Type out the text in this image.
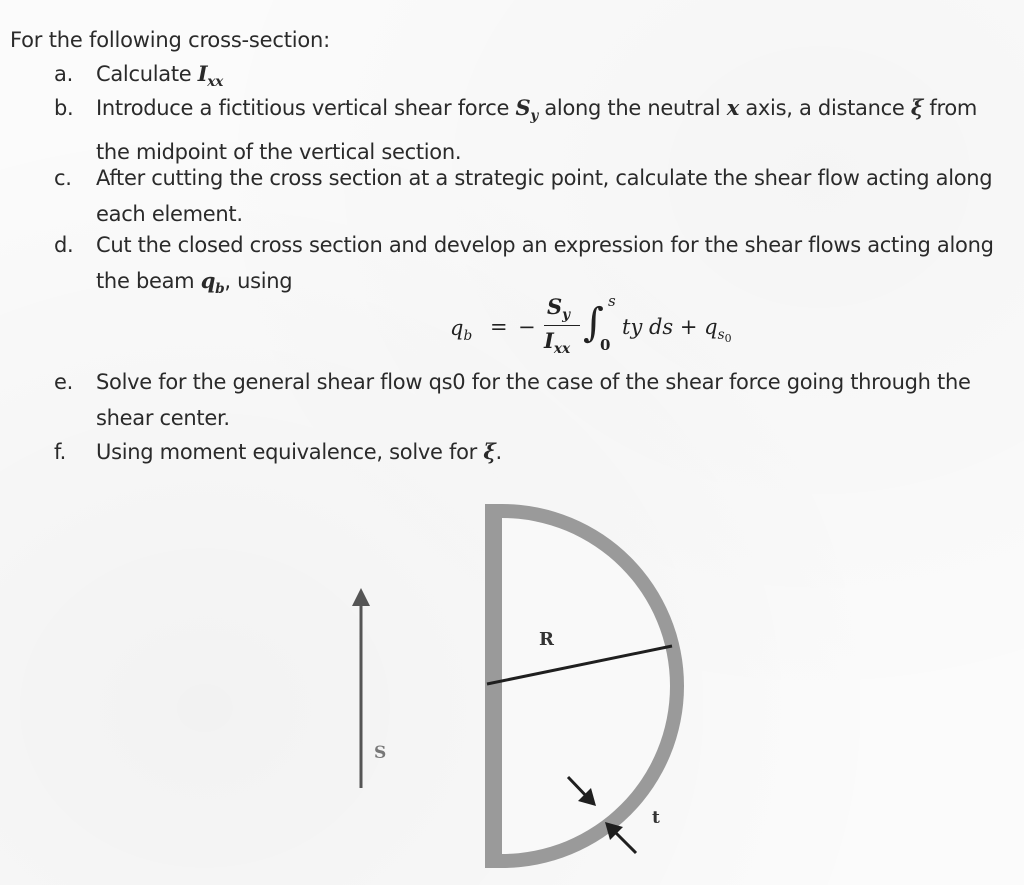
For the following cross-section:
a. Calculate $I_{xx}$
b. Introduce a fictitious vertical shear force $S_y$ along the neutral x axis, a distance ξ from
the midpoint of the vertical section.
c. After cutting the cross section at a strategic point, calculate the shear flow acting along
each element.
d. Cut the closed cross section and develop an expression for the shear flows acting along
the beam $q_b$, using
$q_b$ = −
$S_y$
$I_{xx}$
∫ s
0
ty ds + $q_{s_0}$
e. Solve for the general shear flow qs0 for the case of the shear force going through the
shear center.
f. Using moment equivalence, solve for ξ.
R
S
t
